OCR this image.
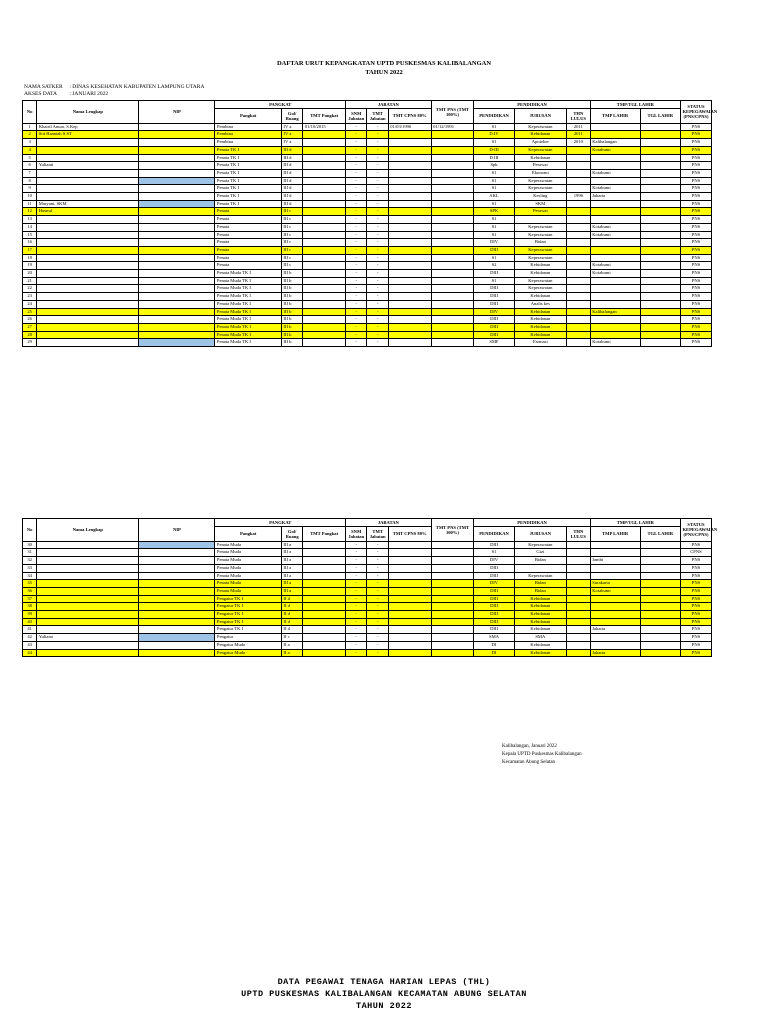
DAFTAR URUT KEPANGKATAN UPTD PUSKESMAS KALIBALANGAN
TAHUN 2022
NAMA SATKER : DINAS KESEHATAN KABUPATEN LAMPUNG UTARA
AKSES DATA : JANUARI 2022
No	Nama Lengkap	NIP	PANGKAT			JABATAN			TMT PNS (TMT 100%)	PENDIDIKAN			TMP/TGL LAHIR		STATUS KEPEGAWAIAN (PNS/CPNS)
			Pangkat	Gol/ Ruang	TMT Pangkat	SNM Jabatan	TMT Jabatan	TMT CPNS 80%		PENDIDIKAN	JURUSAN	THN LULUS	TMP LAHIR	TGL LAHIR	
1	Khairil Anuar, S.Kep		Pembina	IV a	01/10/2015	-	-	01/03/1990	01/12/1991	S1	Keperawatan	2011			PNS
2	Siti Haaniah S.ST		Pembina	IV a		-	-			D.IV	Kebidanan	2011			PNS
3			Pembina	IV a		-	-			S1	Apoteker	2010	Kalibalangan		PNS
4			Penata TK I	III d		-	-			D-III	Keperawatan		Kotabumi		PNS
5			Penata TK I	III d		-	-			D.III	Kebidanan				PNS
6	Yulianti		Penata TK I	III d		-	-			Spk	Perawat				PNS
7			Penata TK I	III d		-	-			S1	Ekonomi		Kotabumi		PNS
8			Penata TK I	III d		-	-			S1	Keperawatan				PNS
9			Penata TK I	III d		-	-			S1	Keperawatan		Kotabumi		PNS
10			Penata TK I	III d		-	-			AKL	Kesling	1996	Jakarta		PNS
11	Maryani, SKM		Penata TK I	III d		-	-			S1	SKM				PNS
12	Husnul		Penata	III c		-	-			SPK	Perawat				PNS
13			Penata	III c		-	-			S1					PNS
14			Penata	III c		-	-			S1	Keperawatan		Kotabumi		PNS
15			Penata	III c		-	-			S1	Keperawatan		Kotabumi		PNS
16			Penata	III c		-	-			DIV	Bidan				PNS
17			Penata	III c		-	-			DIII	Keperawatan				PNS
18			Penata	III c		-	-			S1	Keperawatan				PNS
19			Penata	III c		-	-			S2	Kebidanan		Kotabumi		PNS
20			Penata Muda TK I	III b		-	-			DIII	Kebidanan		Kotabumi		PNS
21			Penata Muda TK I	III b		-	-			S1	Keperawatan				PNS
22			Penata Muda TK I	III b		-	-			DIII	Keperawatan				PNS
23			Penata Muda TK I	III b		-	-			DIII	Kebidanan				PNS
24			Penata Muda TK I	III b		-	-			DIII	Analis kes				PNS
25			Penata Muda TK I	III b		-	-			DIV	Kebidanan		Kalibalangan		PNS
26			Penata Muda TK I	III b		-	-			DIII	Kebidanan				PNS
27			Penata Muda TK I	III b		-	-			DIII	Kebidanan				PNS
28			Penata Muda TK I	III b		-	-			DIII	Kebidanan				PNS
29			Penata Muda TK I	III b		-	-			SMF	Farmasi		Kotabumi		PNS
No	Nama Lengkap	NIP	PANGKAT			JABATAN			TMT PNS (TMT 100%)	PENDIDIKAN			TMP/TGL LAHIR		STATUS KEPEGAWAIAN (PNS/CPNS)
			Pangkat	Gol/ Ruang	TMT Pangkat	SNM Jabatan	TMT Jabatan	TMT CPNS 80%		PENDIDIKAN	JURUSAN	THN LULUS	TMP LAHIR	TGL LAHIR	
30			Penata Muda	III a		-	-			DIII	Keperawatan				PNS
31			Penata Muda	III a		-	-			S1	Gizi				CPNS
32			Penata Muda	III a		-	-			DIV	Bidan		Jambi		PNS
33			Penata Muda	III a		-	-			DIII					PNS
34			Penata Muda	III a		-	-			DIII	Keperawatan				PNS
35			Penata Muda	III a		-	-			DIV	Bidan		Surakarta		PNS
36			Penata Muda	III a		-	-			DIII	Bidan		Kotabumi		PNS
37			Pengatur TK I	II d		-	-			DIII	Kebidanan				PNS
38			Pengatur TK I	II d		-	-			DIII	Kebidanan				PNS
39			Pengatur TK I	II d		-	-			DIII	Kebidanan				PNS
40			Pengatur TK I	II d		-	-			DIII	Kebidanan				PNS
41			Pengatur TK I	II d		-	-			DIII	Kebidanan		Jakarta		PNS
42	Yuliana		Pengatur	II c		-	-			SMA	SMA				PNS
43			Pengatur Muda	II a		-	-			DI	Kebidanan				PNS
44			Pengatur Muda	II a		-	-			DI	Kebidanan		Jakarta		PNS
Kalibalangan, Januari 2022
Kepala UPTD Puskesmas Kalibalangan
Kecamatan Abung Selatan
DATA PEGAWAI TENAGA HARIAN LEPAS (THL)
UPTD PUSKESMAS KALIBALANGAN KECAMATAN ABUNG SELATAN
TAHUN 2022
